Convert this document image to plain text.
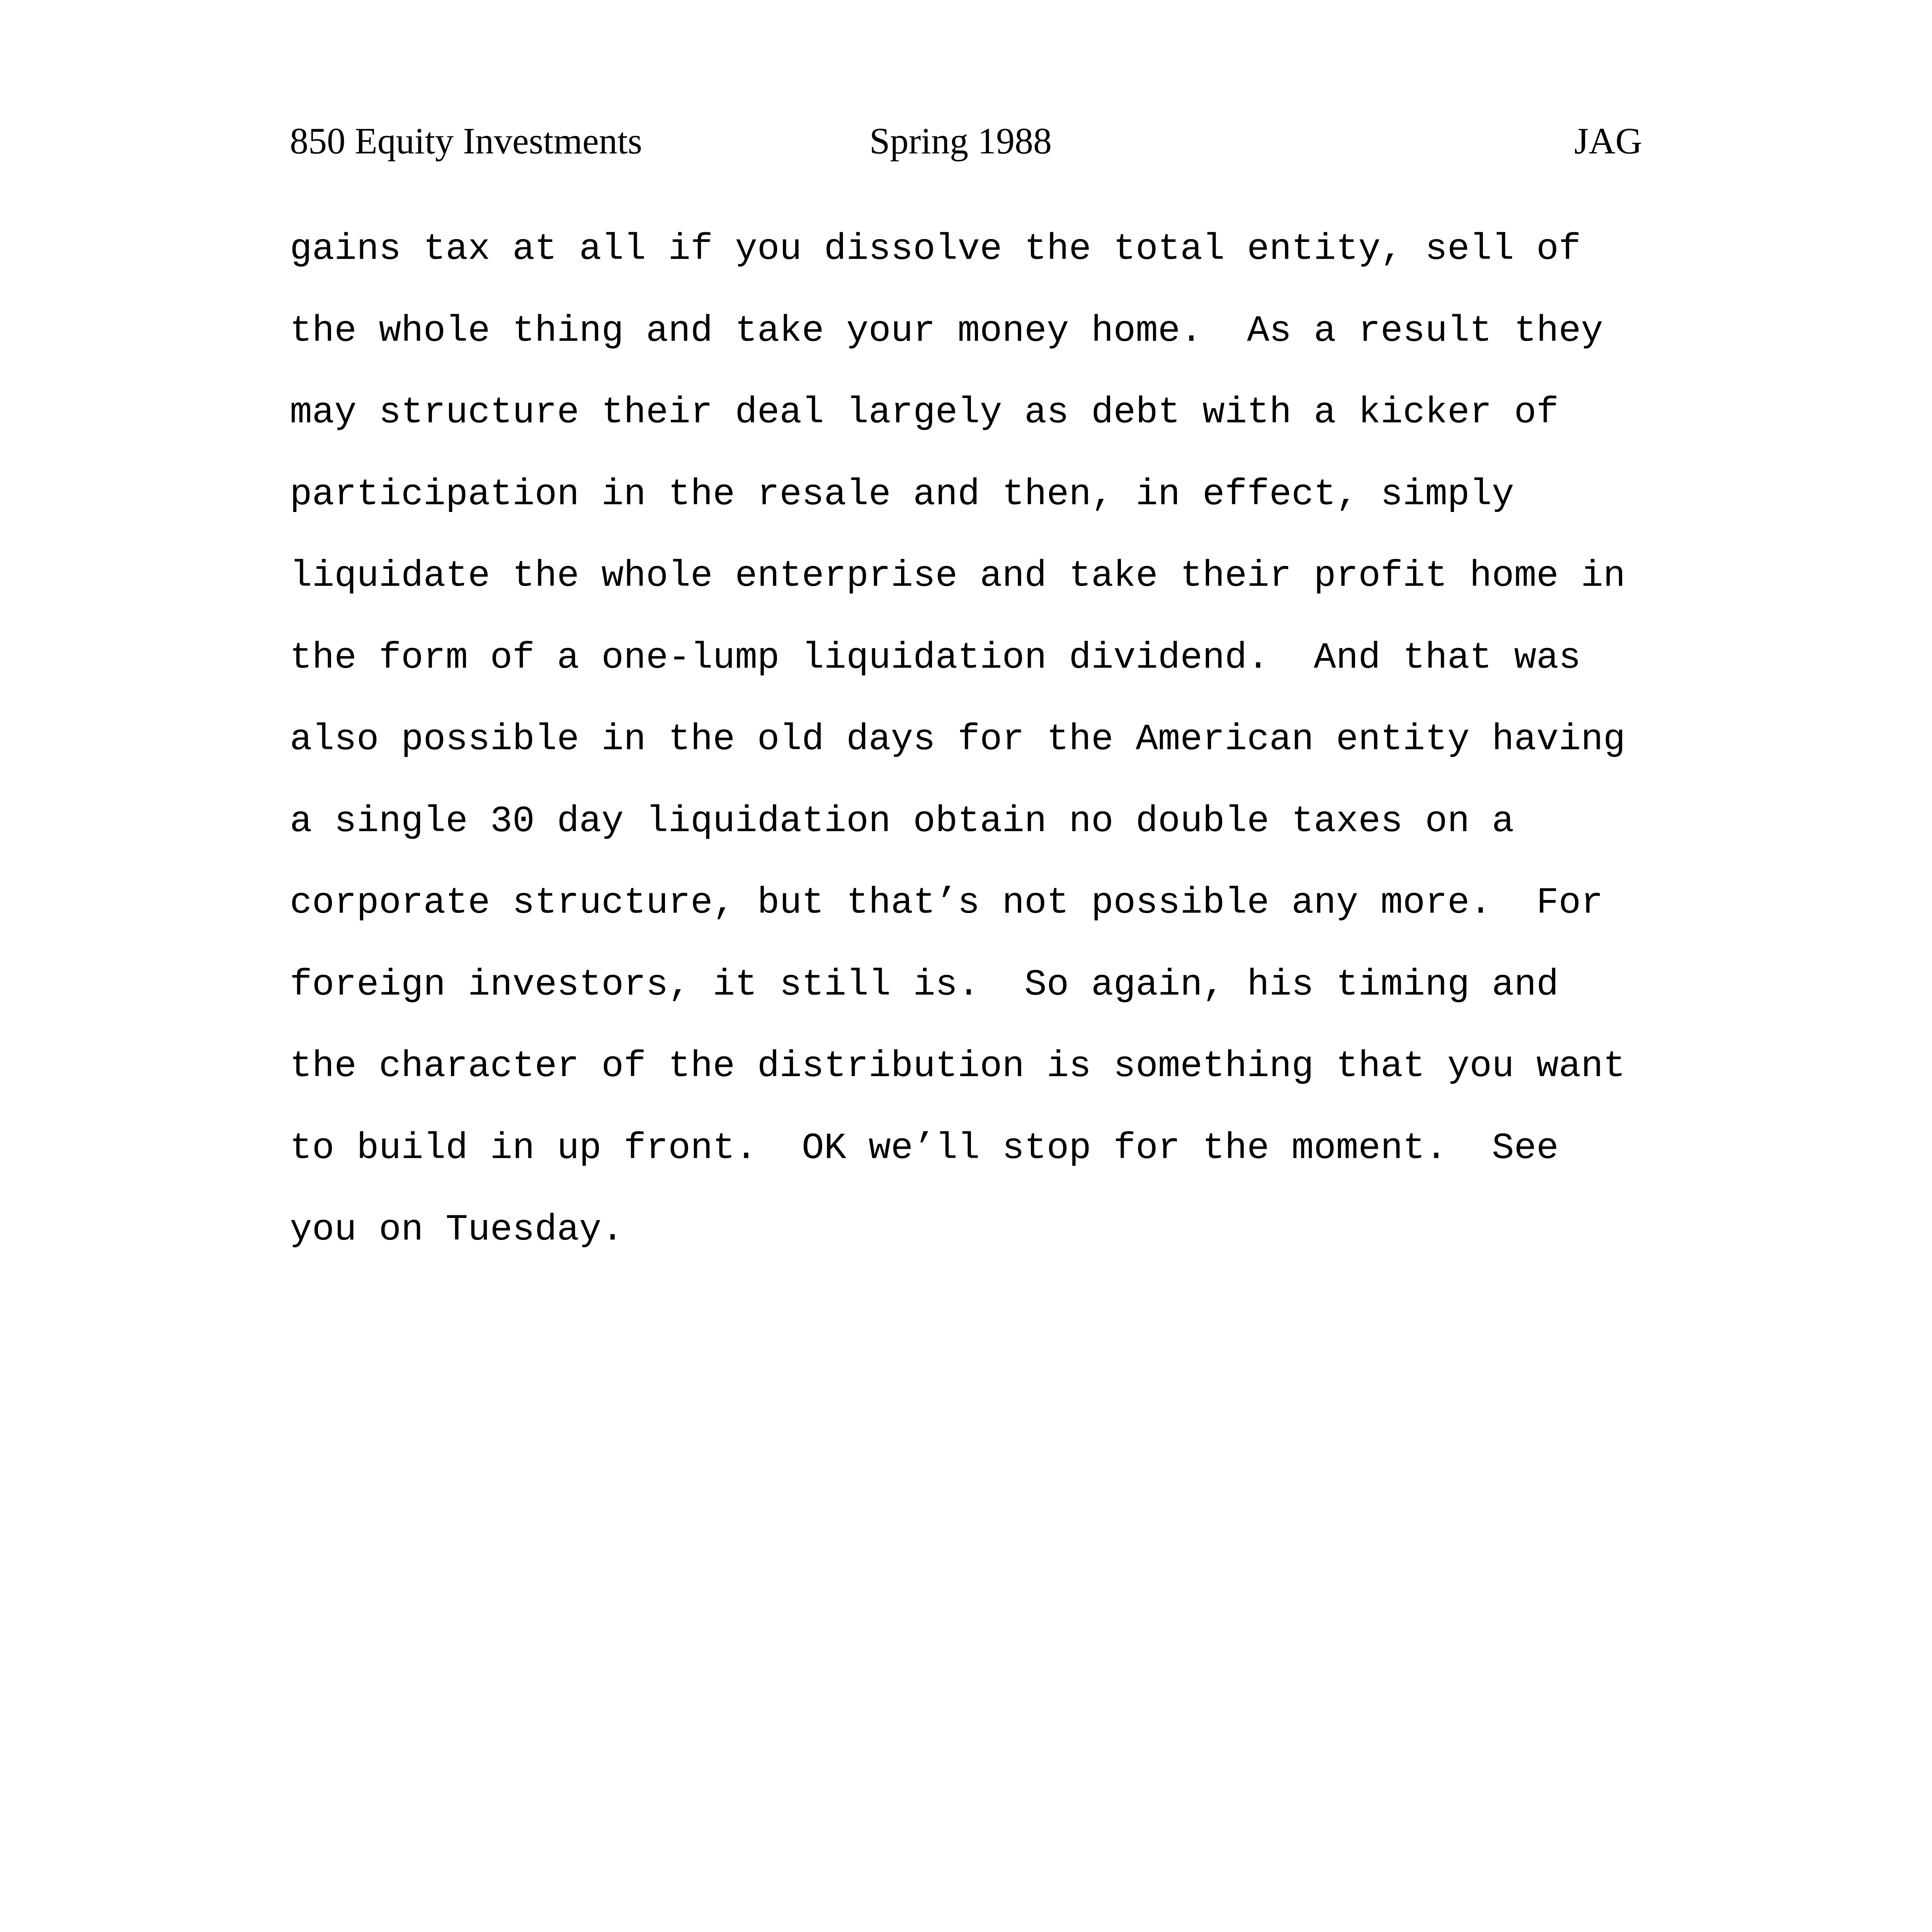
850 Equity Investments	Spring 1988	JAG
gains tax at all if you dissolve the total entity, sell of
the whole thing and take your money home.  As a result they
may structure their deal largely as debt with a kicker of
participation in the resale and then, in effect, simply
liquidate the whole enterprise and take their profit home in
the form of a one-lump liquidation dividend.  And that was
also possible in the old days for the American entity having
a single 30 day liquidation obtain no double taxes on a
corporate structure, but that’s not possible any more.  For
foreign investors, it still is.  So again, his timing and
the character of the distribution is something that you want
to build in up front.  OK we’ll stop for the moment.  See
you on Tuesday.
